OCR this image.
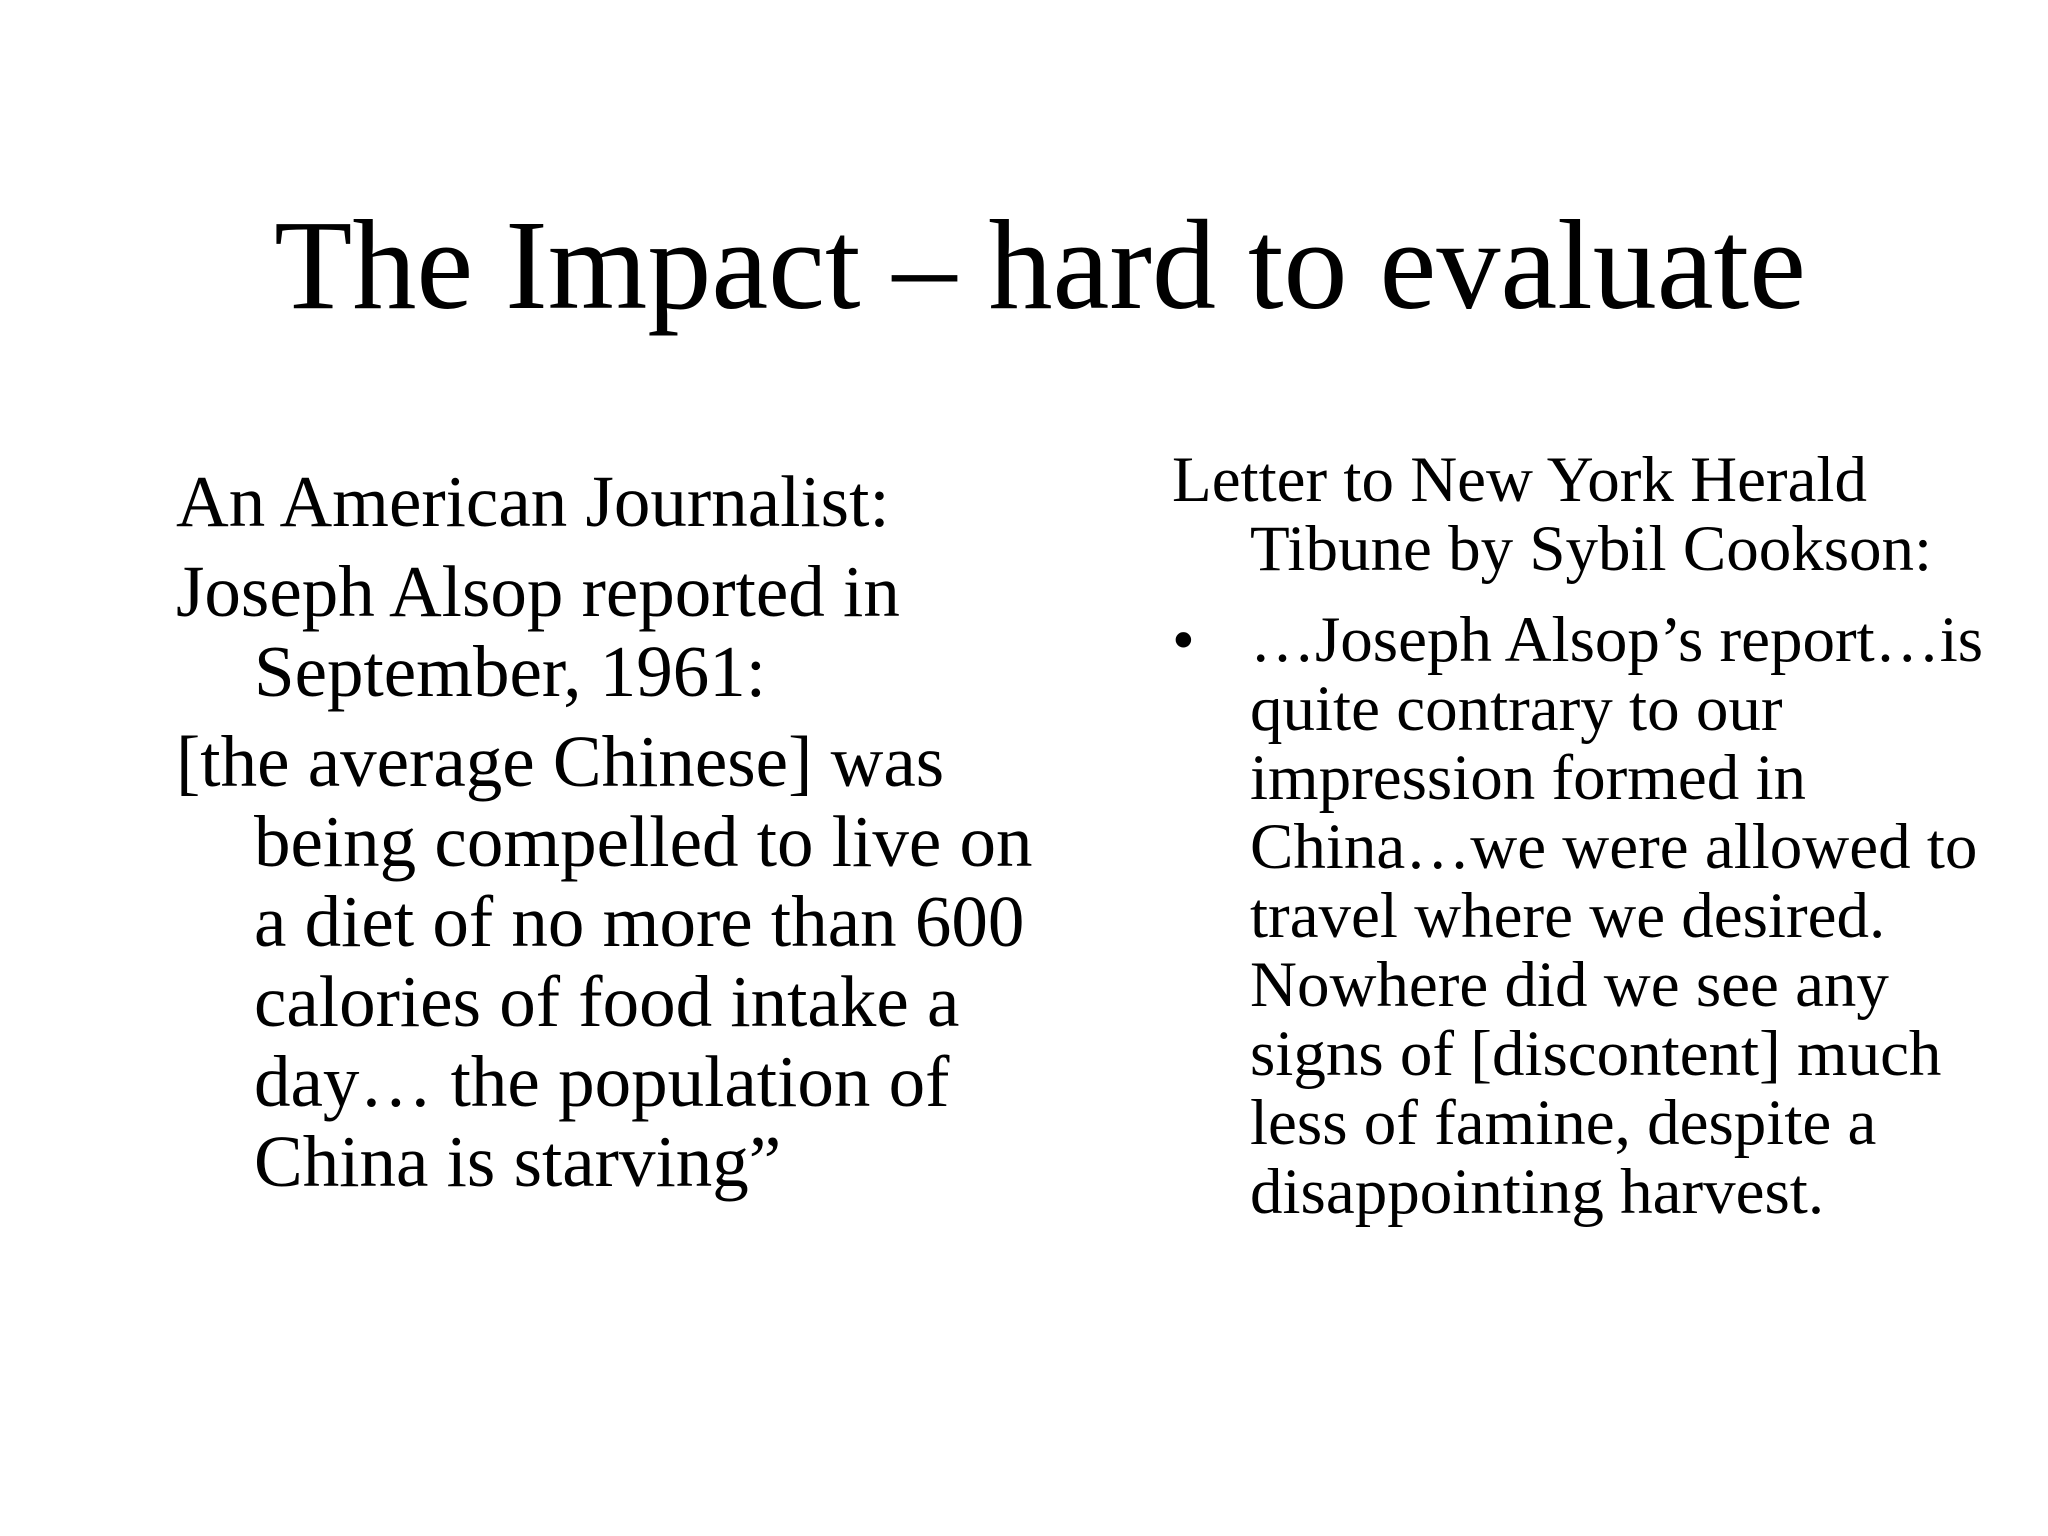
The Impact – hard to evaluate

An American Journalist:

Joseph Alsop reported in September, 1961:

[the average Chinese] was being compelled to live on a diet of no more than 600 calories of food intake a day… the population of China is starving”

Letter to New York Herald Tibune by Sybil Cookson:

• …Joseph Alsop’s report…is quite contrary to our impression formed in China…we were allowed to travel where we desired. Nowhere did we see any signs of [discontent] much less of famine, despite a disappointing harvest.
